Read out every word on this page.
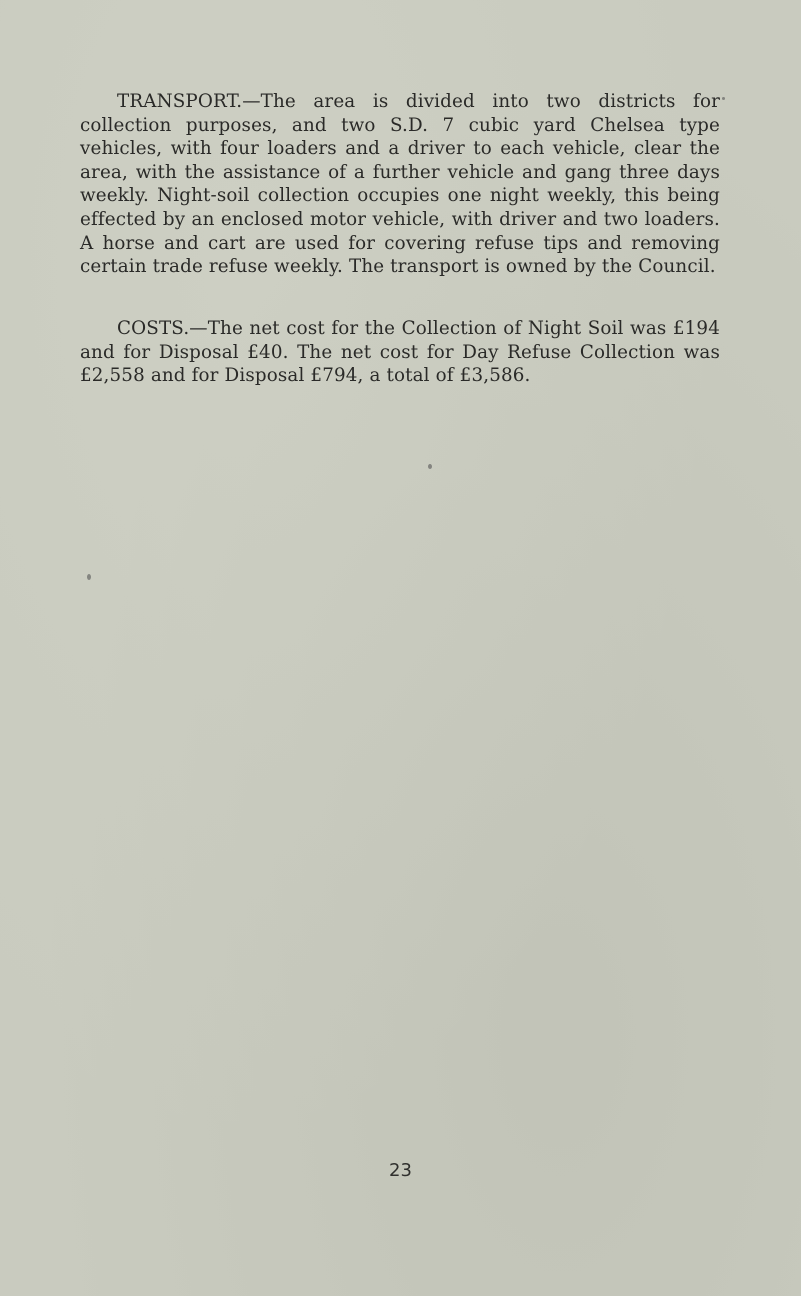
TRANSPORT.—The area is divided into two districts for collection purposes, and two S.D. 7 cubic yard Chelsea type vehicles, with four loaders and a driver to each vehicle, clear the area, with the assistance of a further vehicle and gang three days weekly. Night-soil collection occupies one night weekly, this being effected by an enclosed motor vehicle, with driver and two loaders. A horse and cart are used for covering refuse tips and removing certain trade refuse weekly. The transport is owned by the Council.

COSTS.—The net cost for the Collection of Night Soil was £194 and for Disposal £40. The net cost for Day Refuse Collection was £2,558 and for Disposal £794, a total of £3,586.

23
